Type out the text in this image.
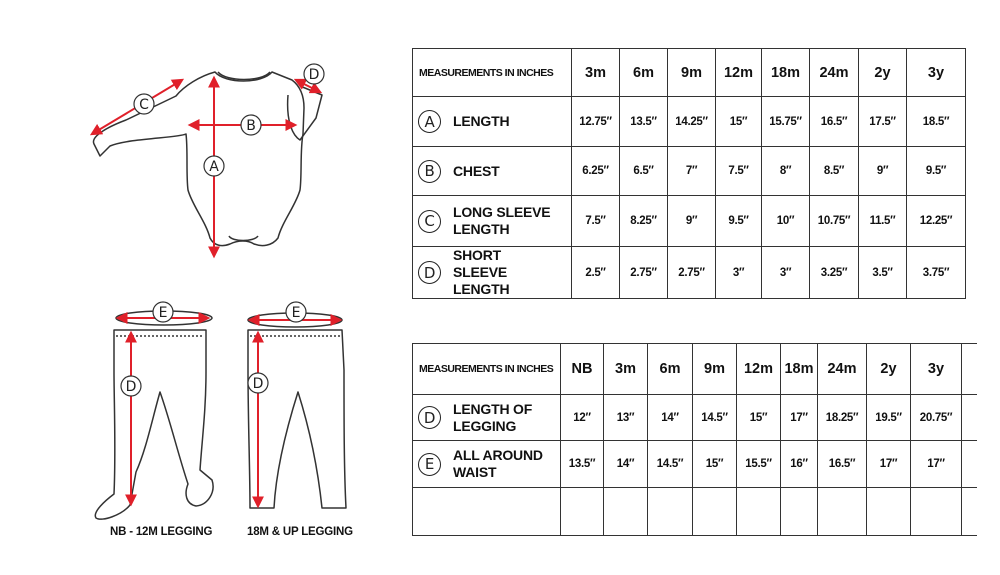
A
B
C
D
E
D
E
D
NB - 12M LEGGING	18M & UP LEGGING
MEASUREMENTS IN INCHES	3m	6m	9m	12m	18m	24m	2y	3y

A LENGTH	12.75″	13.5″	14.25″	15″	15.75″	16.5″	17.5″	18.5″

B CHEST	6.25″	6.5″	7″	7.5″	8″	8.5″	9″	9.5″

C LONG SLEEVE LENGTH	7.5″	8.25″	9″	9.5″	10″	10.75″	11.5″	12.25″

D
SHORT SLEEVE LENGTH	2.5″	2.75″	2.75″	3″	3″	3.25″	3.5″	3.75″
MEASUREMENTS IN INCHES	NB	3m	6m	9m	12m	18m	24m	2y	3y	

D LENGTH OF LEGGING	12″	13″	14″	14.5″	15″	17″	18.25″	19.5″	20.75″	

E ALL AROUND WAIST	13.5″	14″	14.5″	15″	15.5″	16″	16.5″	17″	17″	
